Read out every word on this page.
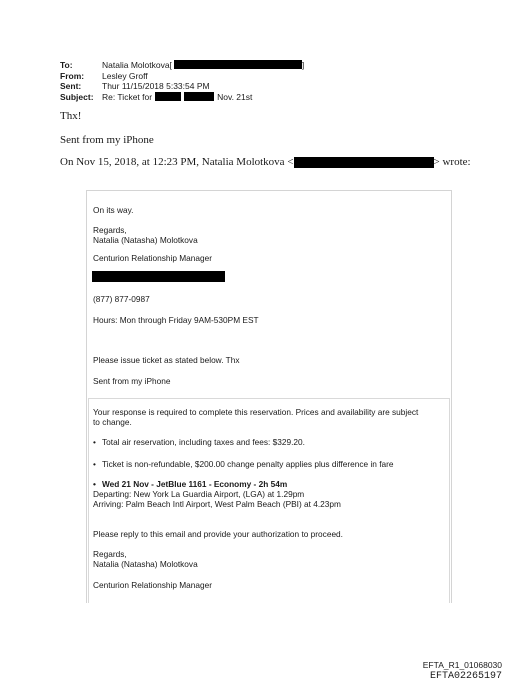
To:	Natalia Molotkova[	]
From:	Lesley Groff
Sent:	Thur 11/15/2018 5:33:54 PM
Subject: Re: Ticket for	Nov. 21st
Thx!
Sent from my iPhone
On Nov 15, 2018, at 12:23 PM, Natalia Molotkova <	> wrote:
On its way.
Regards,
Natalia (Natasha) Molotkova
Centurion Relationship Manager
(877) 877-0987
Hours: Mon through Friday 9AM-530PM EST
Please issue ticket as stated below. Thx
Sent from my iPhone
Your response is required to complete this reservation. Prices and availability are subject
to change.
• Total air reservation, including taxes and fees: $329.20.
• Ticket is non-refundable, $200.00 change penalty applies plus difference in fare
• Wed 21 Nov - JetBlue 1161 - Economy - 2h 54m
Departing: New York La Guardia Airport, (LGA) at 1.29pm
Arriving: Palm Beach Intl Airport, West Palm Beach (PBI) at 4.23pm
Please reply to this email and provide your authorization to proceed.
Regards,
Natalia (Natasha) Molotkova
Centurion Relationship Manager
EFTA_R1_01068030
EFTA02265197
